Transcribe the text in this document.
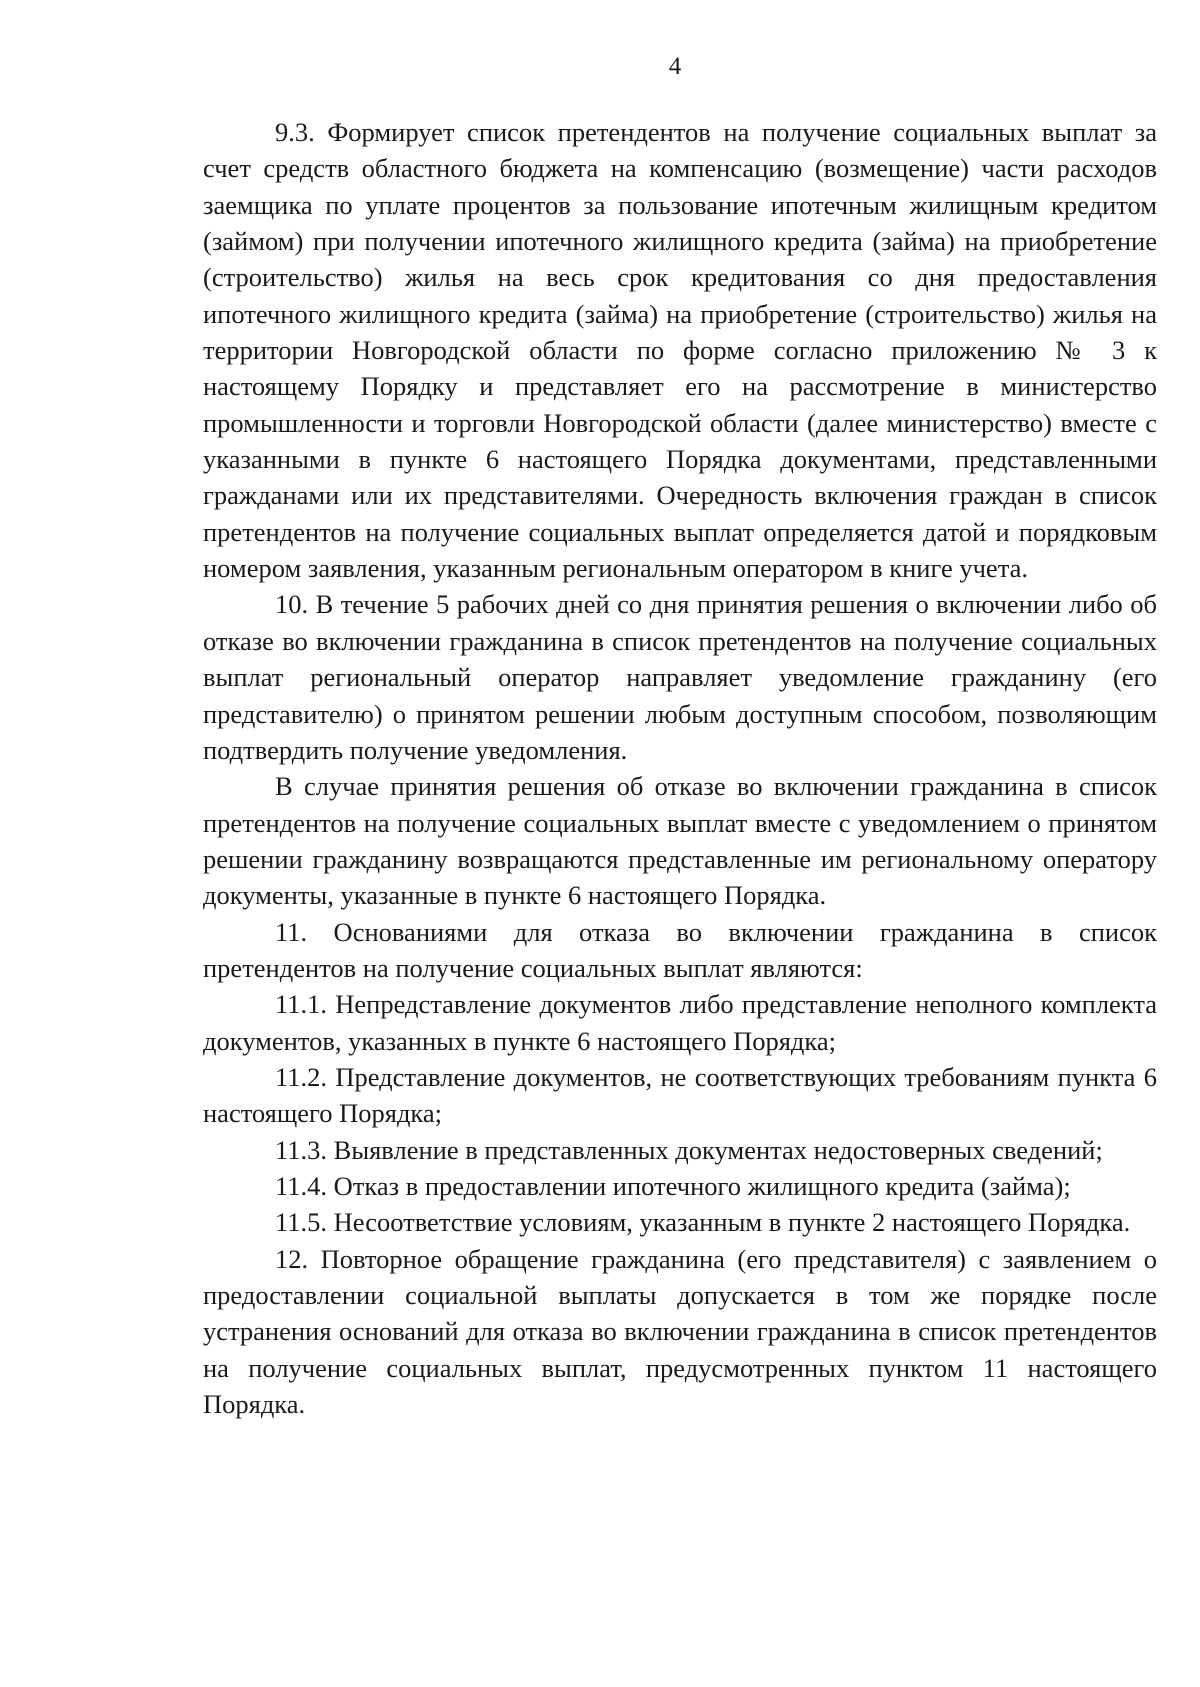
4

9.3. Формирует список претендентов на получение социальных выплат за счет средств областного бюджета на компенсацию (возмещение) части расходов заемщика по уплате процентов за пользование ипотечным жилищным кредитом (займом) при получении ипотечного жилищного кредита (займа) на приобретение (строительство) жилья на весь срок кредитования со дня предоставления ипотечного жилищного кредита (займа) на приобретение (строительство) жилья на территории Новгородской области по форме согласно приложению № 3 к настоящему Порядку и представляет его на рассмотрение в министерство промышленности и торговли Новгородской области (далее министерство) вместе с указанными в пункте 6 настоящего Порядка документами, представленными гражданами или их представителями. Очередность включения граждан в список претендентов на получение социальных выплат определяется датой и порядковым номером заявления, указанным региональным оператором в книге учета.

10. В течение 5 рабочих дней со дня принятия решения о включении либо об отказе во включении гражданина в список претендентов на получение социальных выплат региональный оператор направляет уведомление гражданину (его представителю) о принятом решении любым доступным способом, позволяющим подтвердить получение уведомления.

В случае принятия решения об отказе во включении гражданина в список претендентов на получение социальных выплат вместе с уведомлением о принятом решении гражданину возвращаются представленные им региональному оператору документы, указанные в пункте 6 настоящего Порядка.

11. Основаниями для отказа во включении гражданина в список претендентов на получение социальных выплат являются:

11.1. Непредставление документов либо представление неполного комплекта документов, указанных в пункте 6 настоящего Порядка;

11.2. Представление документов, не соответствующих требованиям пункта 6 настоящего Порядка;

11.3. Выявление в представленных документах недостоверных сведений;

11.4. Отказ в предоставлении ипотечного жилищного кредита (займа);

11.5. Несоответствие условиям, указанным в пункте 2 настоящего Порядка.

12. Повторное обращение гражданина (его представителя) с заявлением о предоставлении социальной выплаты допускается в том же порядке после устранения оснований для отказа во включении гражданина в список претендентов на получение социальных выплат, предусмотренных пунктом 11 настоящего Порядка.
